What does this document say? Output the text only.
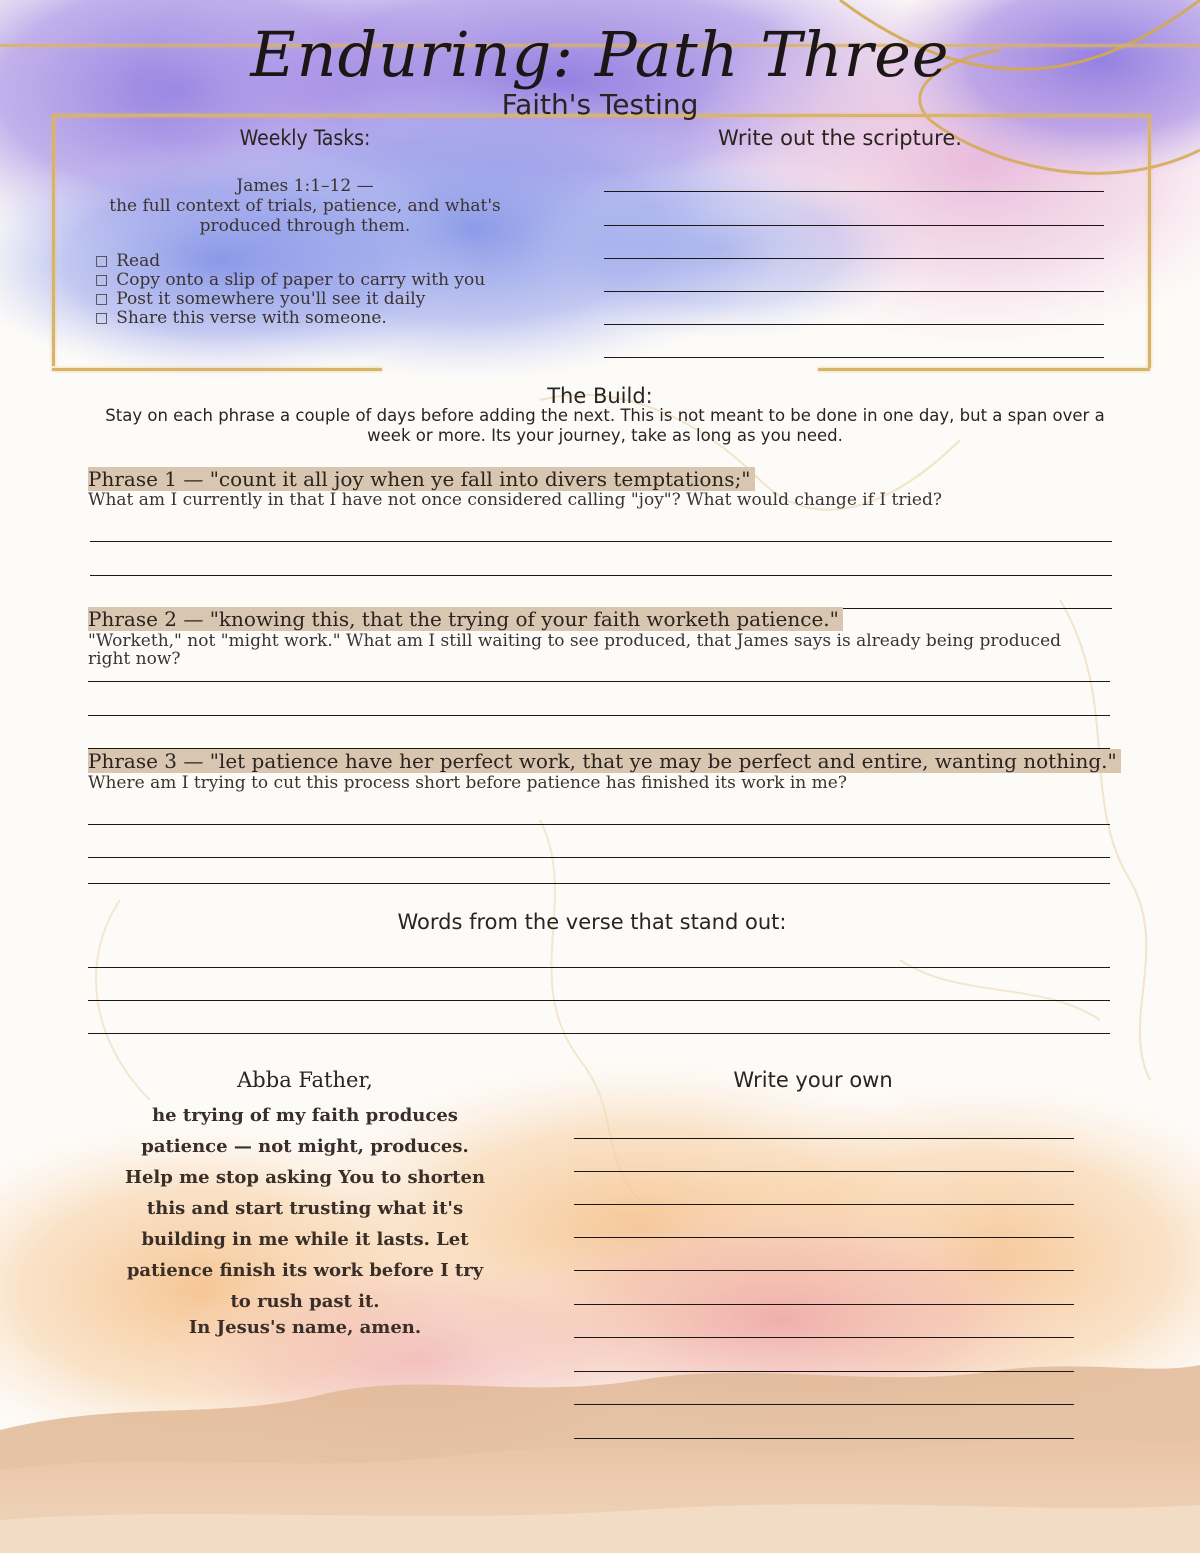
Enduring: Path Three
Faith's Testing
Weekly Tasks:
James 1:1–12 —
the full context of trials, patience, and what's produced through them.
□ Read
□ Copy onto a slip of paper to carry with you
□ Post it somewhere you'll see it daily
□ Share this verse with someone.
Write out the scripture.
The Build:
Stay on each phrase a couple of days before adding the next. This is not meant to be done in one day, but a span over a week or more. Its your journey, take as long as you need.
Phrase 1 — "count it all joy when ye fall into divers temptations;"
What am I currently in that I have not once considered calling "joy"? What would change if I tried?
Phrase 2 — "knowing this, that the trying of your faith worketh patience."
"Worketh," not "might work." What am I still waiting to see produced, that James says is already being produced right now?
Phrase 3 — "let patience have her perfect work, that ye may be perfect and entire, wanting nothing."
Where am I trying to cut this process short before patience has finished its work in me?
Words from the verse that stand out:
Abba Father,
he trying of my faith produces patience — not might, produces. Help me stop asking You to shorten this and start trusting what it's building in me while it lasts. Let patience finish its work before I try to rush past it.
In Jesus's name, amen.
Write your own
